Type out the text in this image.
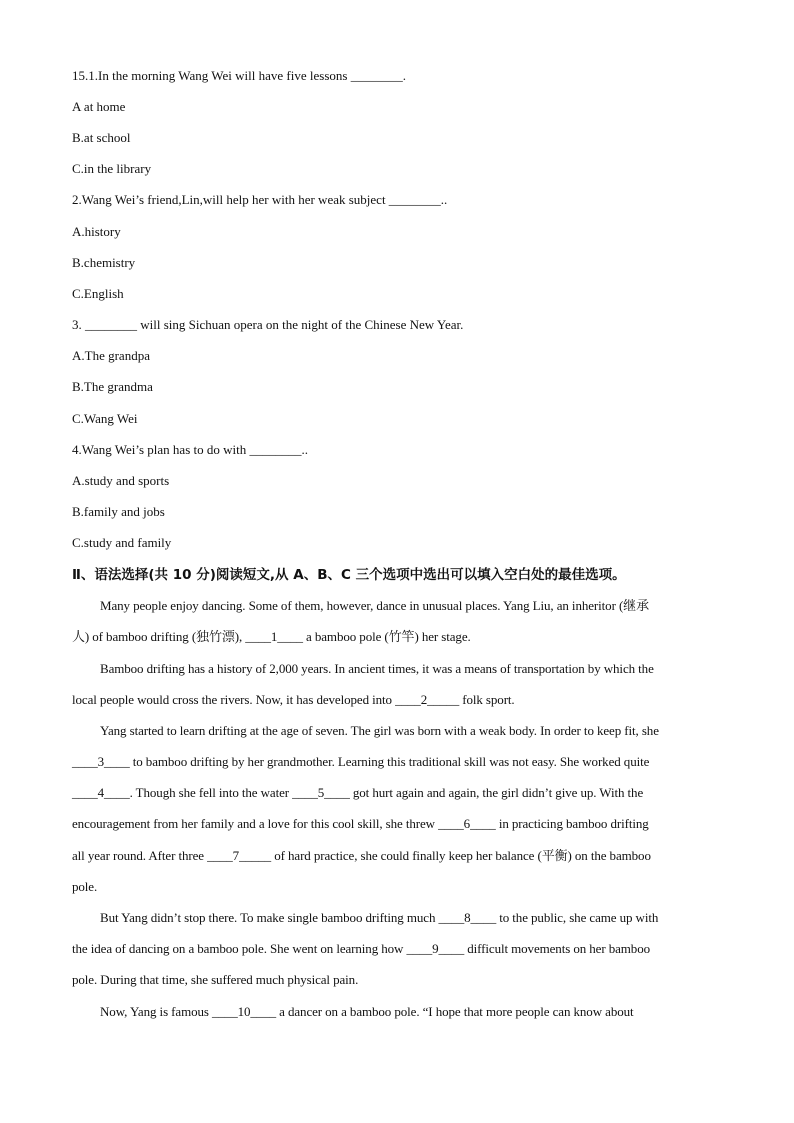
15.1.In the morning Wang Wei will have five lessons ________.
A at home
B.at school
C.in the library
2.Wang Wei’s friend,Lin,will help her with her weak subject ________..
A.history
B.chemistry
C.English
3. ________ will sing Sichuan opera on the night of the Chinese New Year.
A.The grandpa
B.The grandma
C.Wang Wei
4.Wang Wei’s plan has to do with ________..
A.study and sports
B.family and jobs
C.study and family
Ⅱ、语法选择(共 10 分)阅读短文,从 A、B、C 三个选项中选出可以填入空白处的最佳选项。
Many people enjoy dancing. Some of them, however, dance in unusual places. Yang Liu, an inheritor (继承
人) of bamboo drifting (独竹漂), ____1____ a bamboo pole (竹竿) her stage.
Bamboo drifting has a history of 2,000 years. In ancient times, it was a means of transportation by which the
local people would cross the rivers. Now, it has developed into ____2_____ folk sport.
Yang started to learn drifting at the age of seven. The girl was born with a weak body. In order to keep fit, she
____3____ to bamboo drifting by her grandmother. Learning this traditional skill was not easy. She worked quite
____4____. Though she fell into the water ____5____ got hurt again and again, the girl didn’t give up. With the
encouragement from her family and a love for this cool skill, she threw ____6____ in practicing bamboo drifting
all year round. After three ____7_____ of hard practice, she could finally keep her balance (平衡) on the bamboo
pole.
But Yang didn’t stop there. To make single bamboo drifting much ____8____ to the public, she came up with
the idea of dancing on a bamboo pole. She went on learning how ____9____ difficult movements on her bamboo
pole. During that time, she suffered much physical pain.
Now, Yang is famous ____10____ a dancer on a bamboo pole. “I hope that more people can know about
